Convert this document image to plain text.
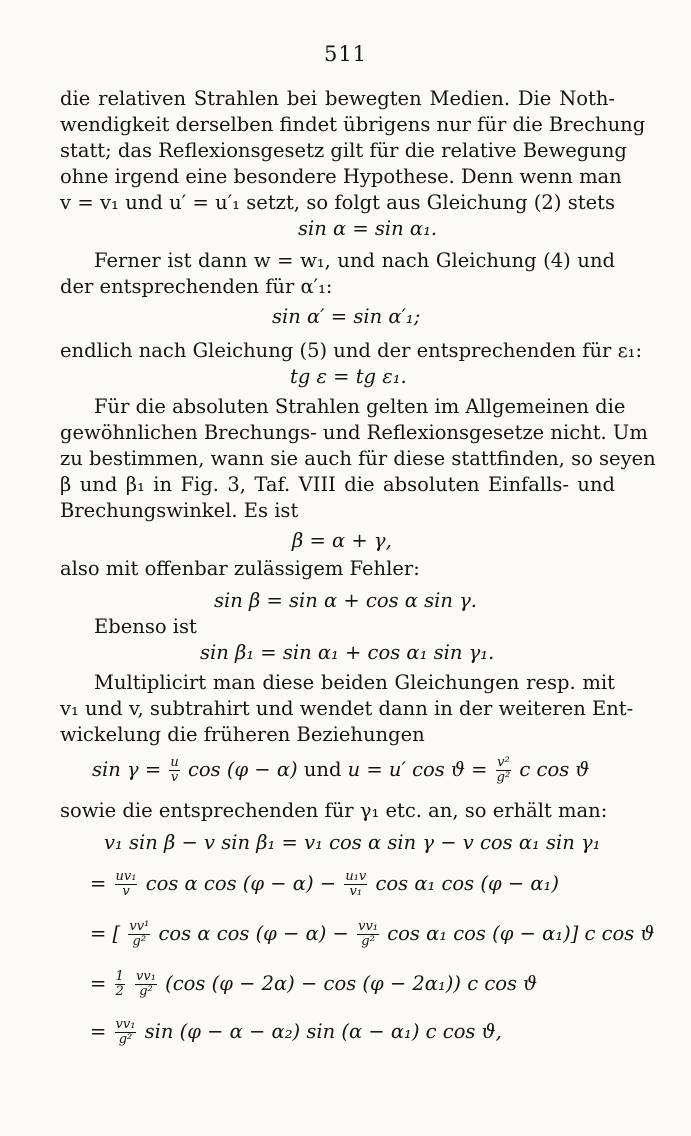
511
die relativen Strahlen bei bewegten Medien. Die Noth-
wendigkeit derselben findet übrigens nur für die Brechung
statt; das Reflexionsgesetz gilt für die relative Bewegung
ohne irgend eine besondere Hypothese. Denn wenn man
v = v₁ und u′ = u′₁ setzt, so folgt aus Gleichung (2) stets
sin α = sin α₁.
Ferner ist dann w = w₁, und nach Gleichung (4) und
der entsprechenden für α′₁:
sin α′ = sin α′₁;
endlich nach Gleichung (5) und der entsprechenden für ε₁:
tg ε = tg ε₁.
Für die absoluten Strahlen gelten im Allgemeinen die
gewöhnlichen Brechungs- und Reflexionsgesetze nicht. Um
zu bestimmen, wann sie auch für diese stattfinden, so seyen
β und β₁ in Fig. 3, Taf. VIII die absoluten Einfalls- und
Brechungswinkel. Es ist
β = α + γ,
also mit offenbar zulässigem Fehler:
sin β = sin α + cos α sin γ.
Ebenso ist
sin β₁ = sin α₁ + cos α₁ sin γ₁.
Multiplicirt man diese beiden Gleichungen resp. mit
v₁ und v, subtrahirt und wendet dann in der weiteren Ent-
wickelung die früheren Beziehungen
$\sin \gamma = \frac{u}{v}$ cos (φ − α) und u = u′ $\cos ϑ = \frac{\text{v²}}{\text{g²}}$ c cos ϑ
sowie die entsprechenden für γ₁ etc. an, so erhält man:
v₁ sin β − v sin β₁ = v₁ cos α sin γ − v cos α₁ sin γ₁
= $\frac{\text{uv₁}}{v}$ cos α $\cos (\varphi - \alpha) - \frac{\text{u₁v}}{\text{v₁}}$ cos α₁ cos (φ − α₁)
= [ $\frac{\text{vv¹}}{\text{g²}}$ cos α $\cos (\varphi - \alpha) - \frac{\text{vv₁}}{\text{g²}}$ cos α₁ cos (φ − α₁)] c cos ϑ
= $\frac{1}{2}$
$\frac{\text{vv₁}}{\text{g²}} (\cos$ (φ − 2α) − cos (φ − 2α₁)) c cos ϑ
= $\frac{\text{vv₁}}{\text{g²}}$ sin (φ − α − α₂) sin (α − α₁) c cos ϑ,
